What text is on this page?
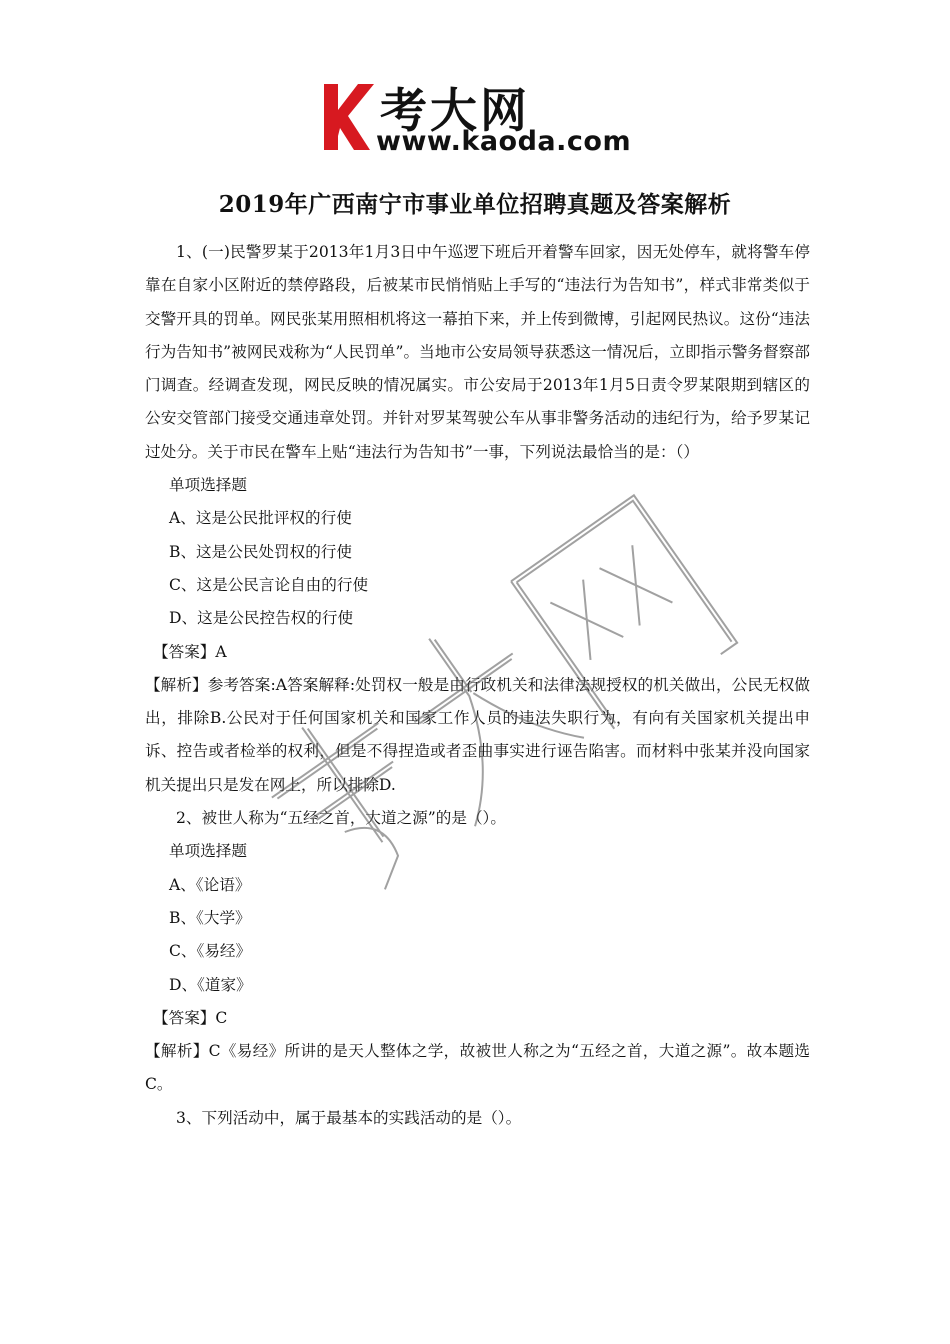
考大网
www.kaoda.com
2019年广西南宁市事业单位招聘真题及答案解析

1、(一)民警罗某于2013年1月3日中午巡逻下班后开着警车回家，因无处停车，就将警车停靠在自家小区附近的禁停路段，后被某市民悄悄贴上手写的“违法行为告知书”，样式非常类似于交警开具的罚单。网民张某用照相机将这一幕拍下来，并上传到微博，引起网民热议。这份“违法行为告知书”被网民戏称为“人民罚单”。当地市公安局领导获悉这一情况后，立即指示警务督察部门调查。经调查发现，网民反映的情况属实。市公安局于2013年1月5日责令罗某限期到辖区的公安交管部门接受交通违章处罚。并针对罗某驾驶公车从事非警务活动的违纪行为，给予罗某记过处分。关于市民在警车上贴“违法行为告知书”一事，下列说法最恰当的是：（）

单项选择题

A、这是公民批评权的行使

B、这是公民处罚权的行使

C、这是公民言论自由的行使

D、这是公民控告权的行使

【答案】A

【解析】参考答案:A答案解释:处罚权一般是由行政机关和法律法规授权的机关做出，公民无权做出，排除B.公民对于任何国家机关和国家工作人员的违法失职行为，有向有关国家机关提出申诉、控告或者检举的权利，但是不得捏造或者歪曲事实进行诬告陷害。而材料中张某并没向国家机关提出只是发在网上，所以排除D.

2、被世人称为“五经之首，大道之源”的是（）。

单项选择题

A、《论语》

B、《大学》

C、《易经》

D、《道家》

【答案】C

【解析】C《易经》所讲的是天人整体之学，故被世人称之为“五经之首，大道之源”。故本题选C。

3、下列活动中，属于最基本的实践活动的是（）。
